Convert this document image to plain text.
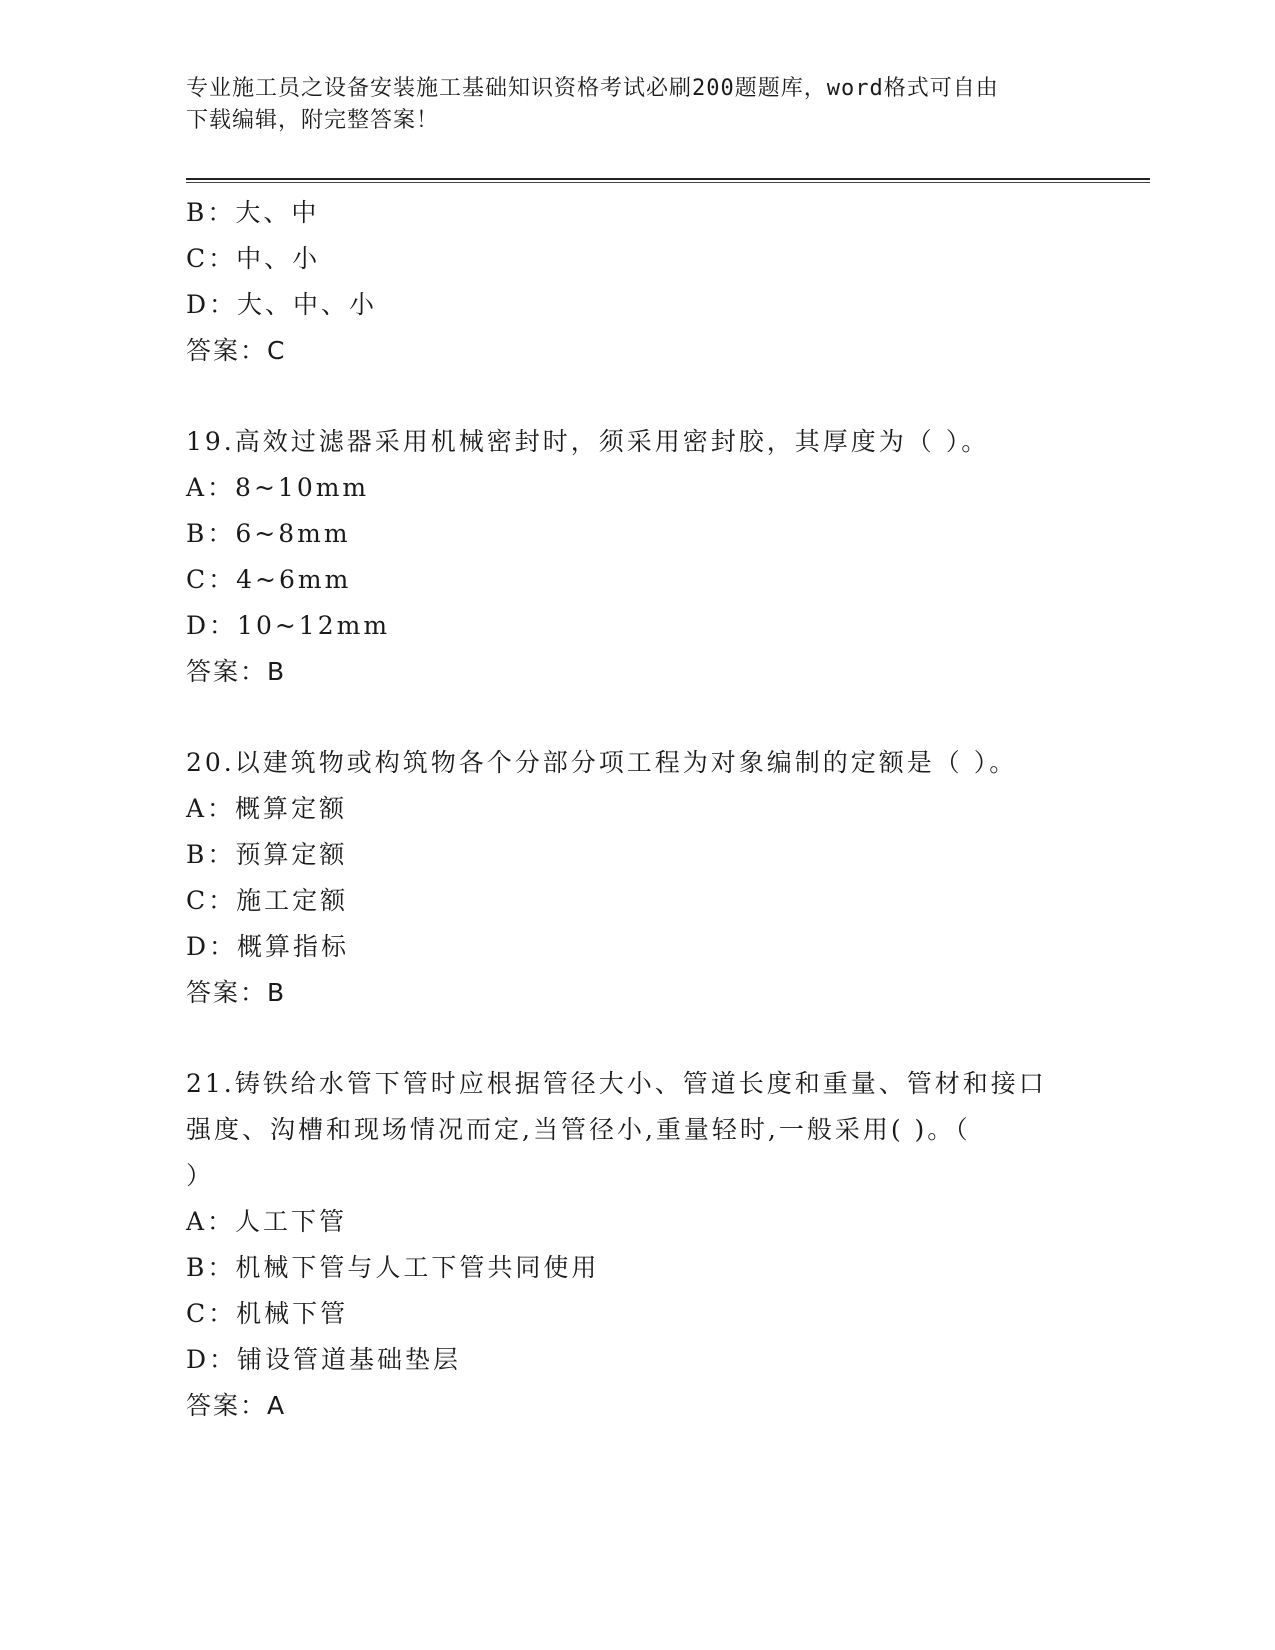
专业施工员之设备安装施工基础知识资格考试必刷200题题库，word格式可自由
下载编辑，附完整答案！
B：大、中
C：中、小
D：大、中、小
答案：C
19.高效过滤器采用机械密封时，须采用密封胶，其厚度为（ ）。
A：8~10mm
B：6~8mm
C：4~6mm
D：10~12mm
答案：B
20.以建筑物或构筑物各个分部分项工程为对象编制的定额是（ ）。
A：概算定额
B：预算定额
C：施工定额
D：概算指标
答案：B
21.铸铁给水管下管时应根据管径大小、管道长度和重量、管材和接口
强度、沟槽和现场情况而定,当管径小,重量轻时,一般采用( )。（
）
A：人工下管
B：机械下管与人工下管共同使用
C：机械下管
D：铺设管道基础垫层
答案：A
